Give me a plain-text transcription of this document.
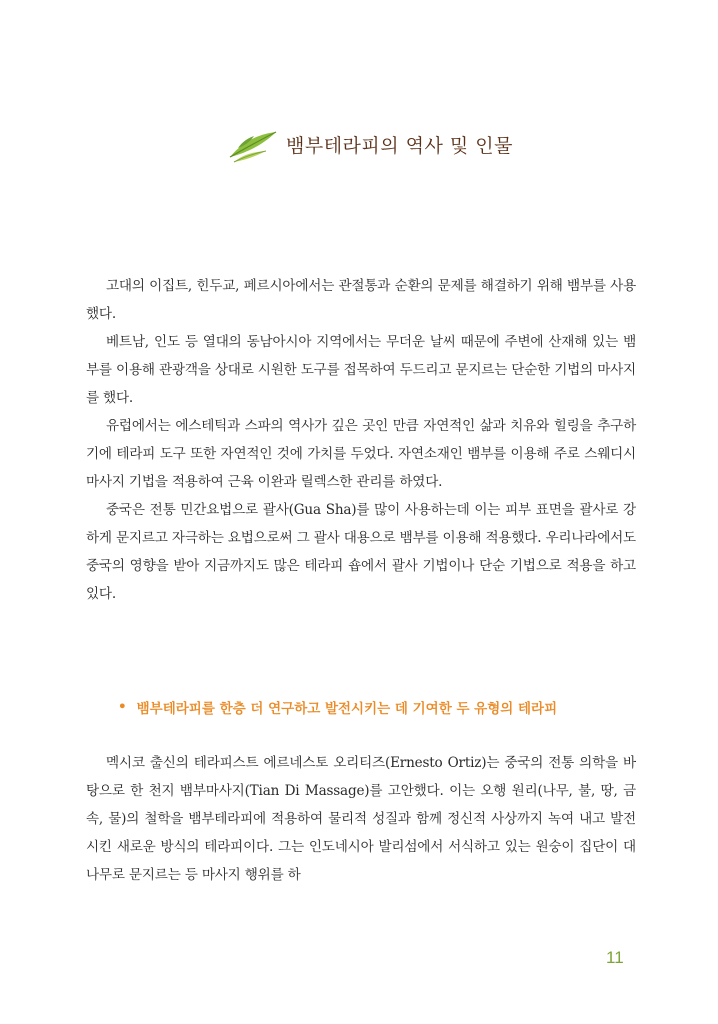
뱀부테라피의 역사 및 인물

고대의 이집트, 힌두교, 페르시아에서는 관절통과 순환의 문제를 해결하기 위해 뱀부를 사용했다.

베트남, 인도 등 열대의 동남아시아 지역에서는 무더운 날씨 때문에 주변에 산재해 있는 뱀부를 이용해 관광객을 상대로 시원한 도구를 접목하여 두드리고 문지르는 단순한 기법의 마사지를 했다.

유럽에서는 에스테틱과 스파의 역사가 깊은 곳인 만큼 자연적인 삶과 치유와 힐링을 추구하기에 테라피 도구 또한 자연적인 것에 가치를 두었다. 자연소재인 뱀부를 이용해 주로 스웨디시 마사지 기법을 적용하여 근육 이완과 릴렉스한 관리를 하였다.

중국은 전통 민간요법으로 괄사(Gua Sha)를 많이 사용하는데 이는 피부 표면을 괄사로 강하게 문지르고 자극하는 요법으로써 그 괄사 대용으로 뱀부를 이용해 적용했다. 우리나라에서도 중국의 영향을 받아 지금까지도 많은 테라피 숍에서 괄사 기법이나 단순 기법으로 적용을 하고 있다.

• 뱀부테라피를 한층 더 연구하고 발전시키는 데 기여한 두 유형의 테라피

멕시코 출신의 테라피스트 에르네스토 오리티즈(Ernesto Ortiz)는 중국의 전통 의학을 바탕으로 한 천지 뱀부마사지(Tian Di Massage)를 고안했다. 이는 오행 원리(나무, 불, 땅, 금속, 물)의 철학을 뱀부테라피에 적용하여 물리적 성질과 함께 정신적 사상까지 녹여 내고 발전시킨 새로운 방식의 테라피이다. 그는 인도네시아 발리섬에서 서식하고 있는 원숭이 집단이 대나무로 문지르는 등 마사지 행위를 하

11
